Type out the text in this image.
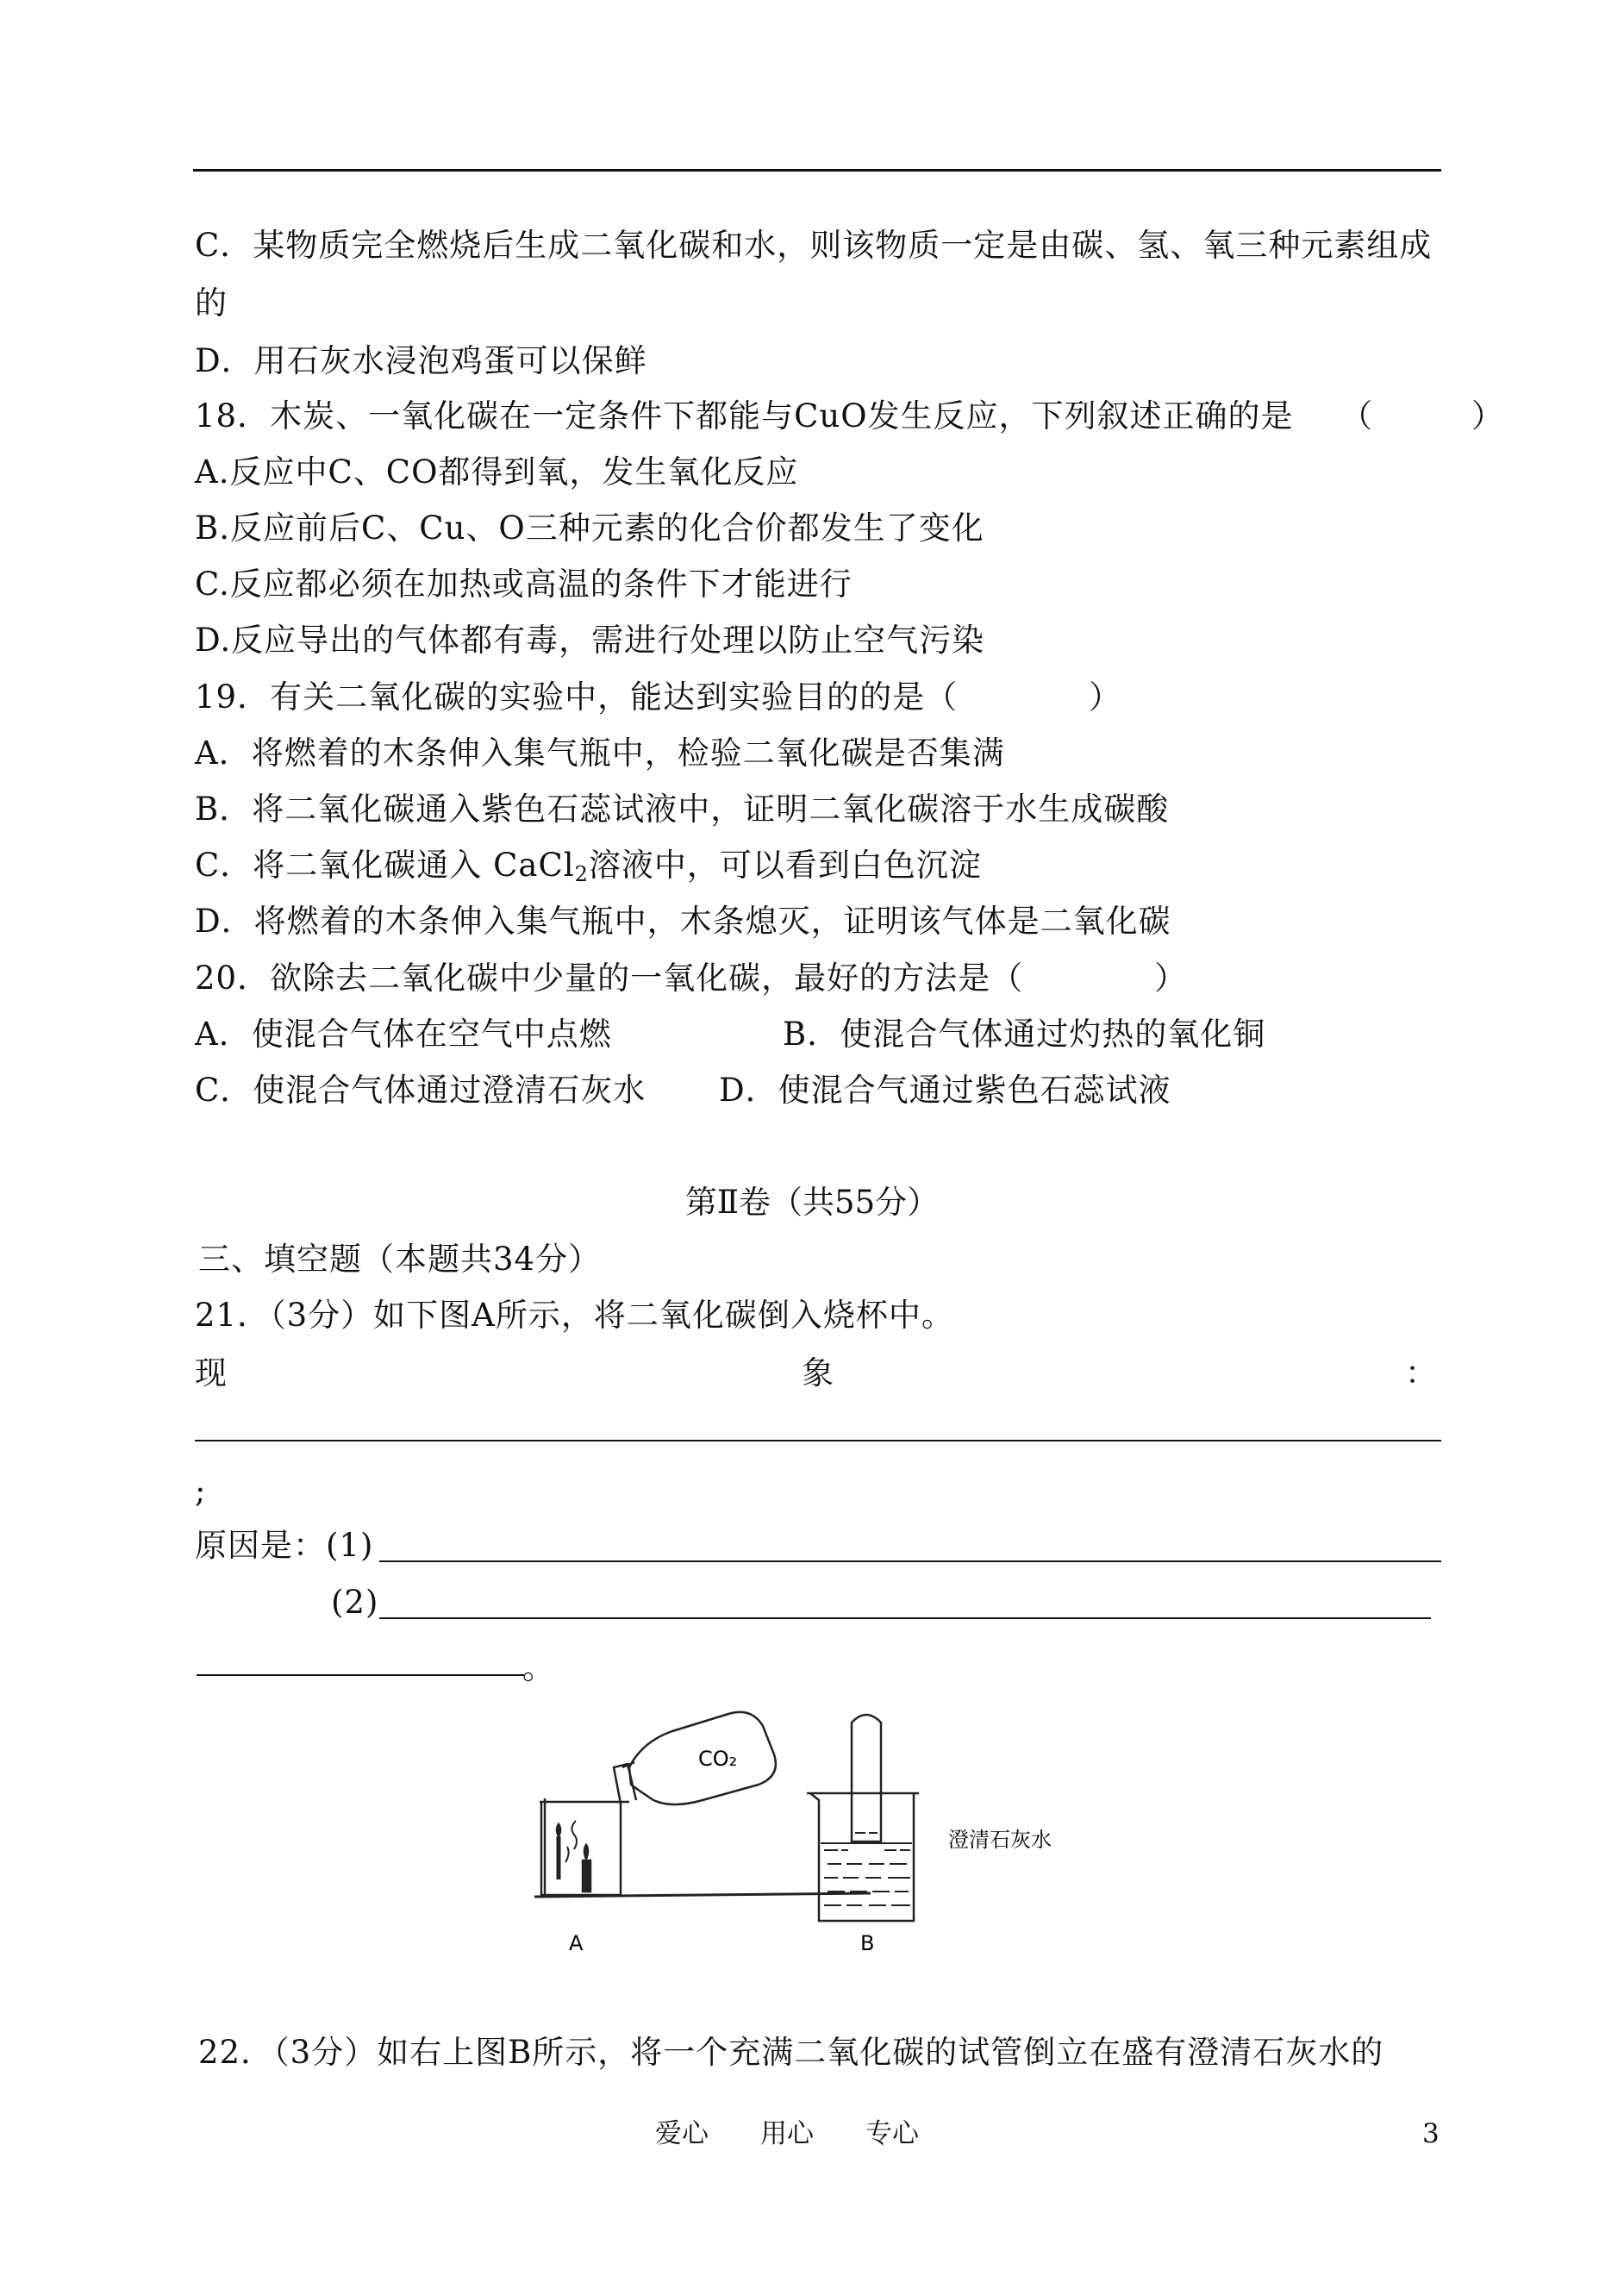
C．某物质完全燃烧后生成二氧化碳和水，则该物质一定是由碳、氢、氧三种元素组成
的
D．用石灰水浸泡鸡蛋可以保鲜
18．木炭、一氧化碳在一定条件下都能与CuO发生反应，下列叙述正确的是 （　　　）
A.反应中C、CO都得到氧，发生氧化反应
B.反应前后C、Cu、O三种元素的化合价都发生了变化
C.反应都必须在加热或高温的条件下才能进行
D.反应导出的气体都有毒，需进行处理以防止空气污染
19．有关二氧化碳的实验中，能达到实验目的的是（　　　　）
A．将燃着的木条伸入集气瓶中，检验二氧化碳是否集满
B．将二氧化碳通入紫色石蕊试液中，证明二氧化碳溶于水生成碳酸
C．将二氧化碳通入 CaCl$_2$溶液中，可以看到白色沉淀
D．将燃着的木条伸入集气瓶中，木条熄灭，证明该气体是二氧化碳
20．欲除去二氧化碳中少量的一氧化碳，最好的方法是（　　　　）
A．使混合气体在空气中点燃	B．使混合气体通过灼热的氧化铜
C．使混合气体通过澄清石灰水 D．使混合气通过紫色石蕊试液
第Ⅱ卷（共55分）
三、填空题（本题共34分）
21．（3分）如下图A所示，将二氧化碳倒入烧杯中。
现	象	：
;
原因是：(1)
(2)
。
CO₂
A
澄清石灰水
B
22．（3分）如右上图B所示，将一个充满二氧化碳的试管倒立在盛有澄清石灰水的
爱心 用心 专心	3
